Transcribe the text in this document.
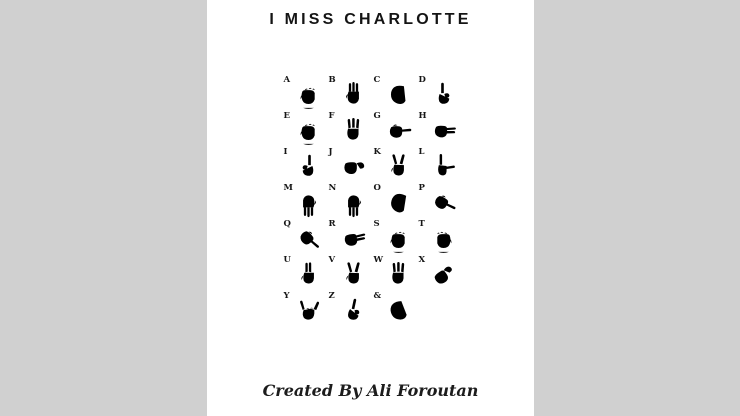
I MISS CHARLOTTE
A	B	C	D
E	F	G	H
I	J	K	L
M	N	O	P
Q	R	S	T
U	V	W	X
Y	Z	&
Created By Ali Foroutan
